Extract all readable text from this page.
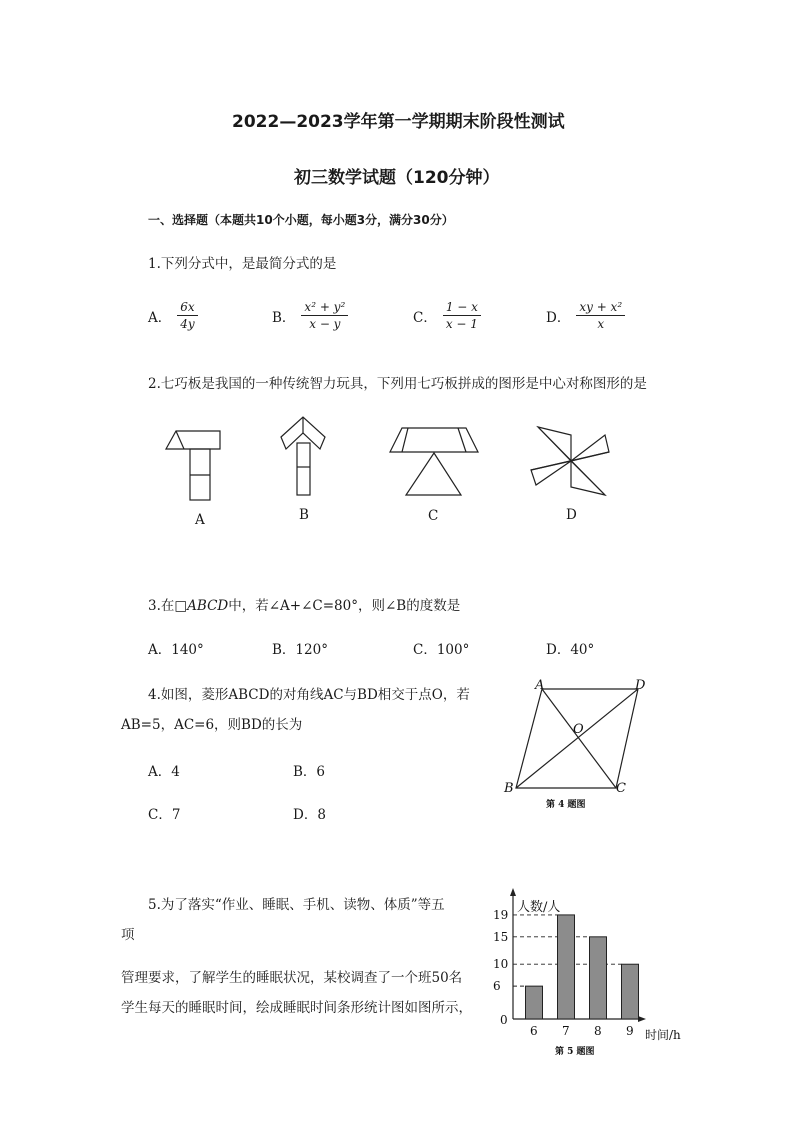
2022—2023学年第一学期期末阶段性测试
初三数学试题（120分钟）
一、选择题（本题共10个小题，每小题3分，满分30分）
1.下列分式中，是最简分式的是
A． $\frac{6x}{4y}$	B． $\frac{\text{x² + y²}}{x - y}$	C． $\frac{1 - x}{x - 1}$	D． $\frac{\text{xy + x²}}{x}$
2.七巧板是我国的一种传统智力玩具，下列用七巧板拼成的图形是中心对称图形的是
A	B	C	D
3.在□ABCD中，若∠A+∠C=80°，则∠B的度数是
A．140°	B．120°	C．100°	D．40°
4.如图，菱形ABCD的对角线AC与BD相交于点O，若
AB=5，AC=6，则BD的长为
A．4	B．6
C．7	D．8
A	D
O
B	C
第 4 题图
5.为了落实“作业、睡眠、手机、读物、体质”等五
项
管理要求，了解学生的睡眠状况，某校调查了一个班50名
学生每天的睡眠时间，绘成睡眠时间条形统计图如图所示，
人数/人
时间/h
0
6
10
15
19
6 7 8 9
第 5 题图
